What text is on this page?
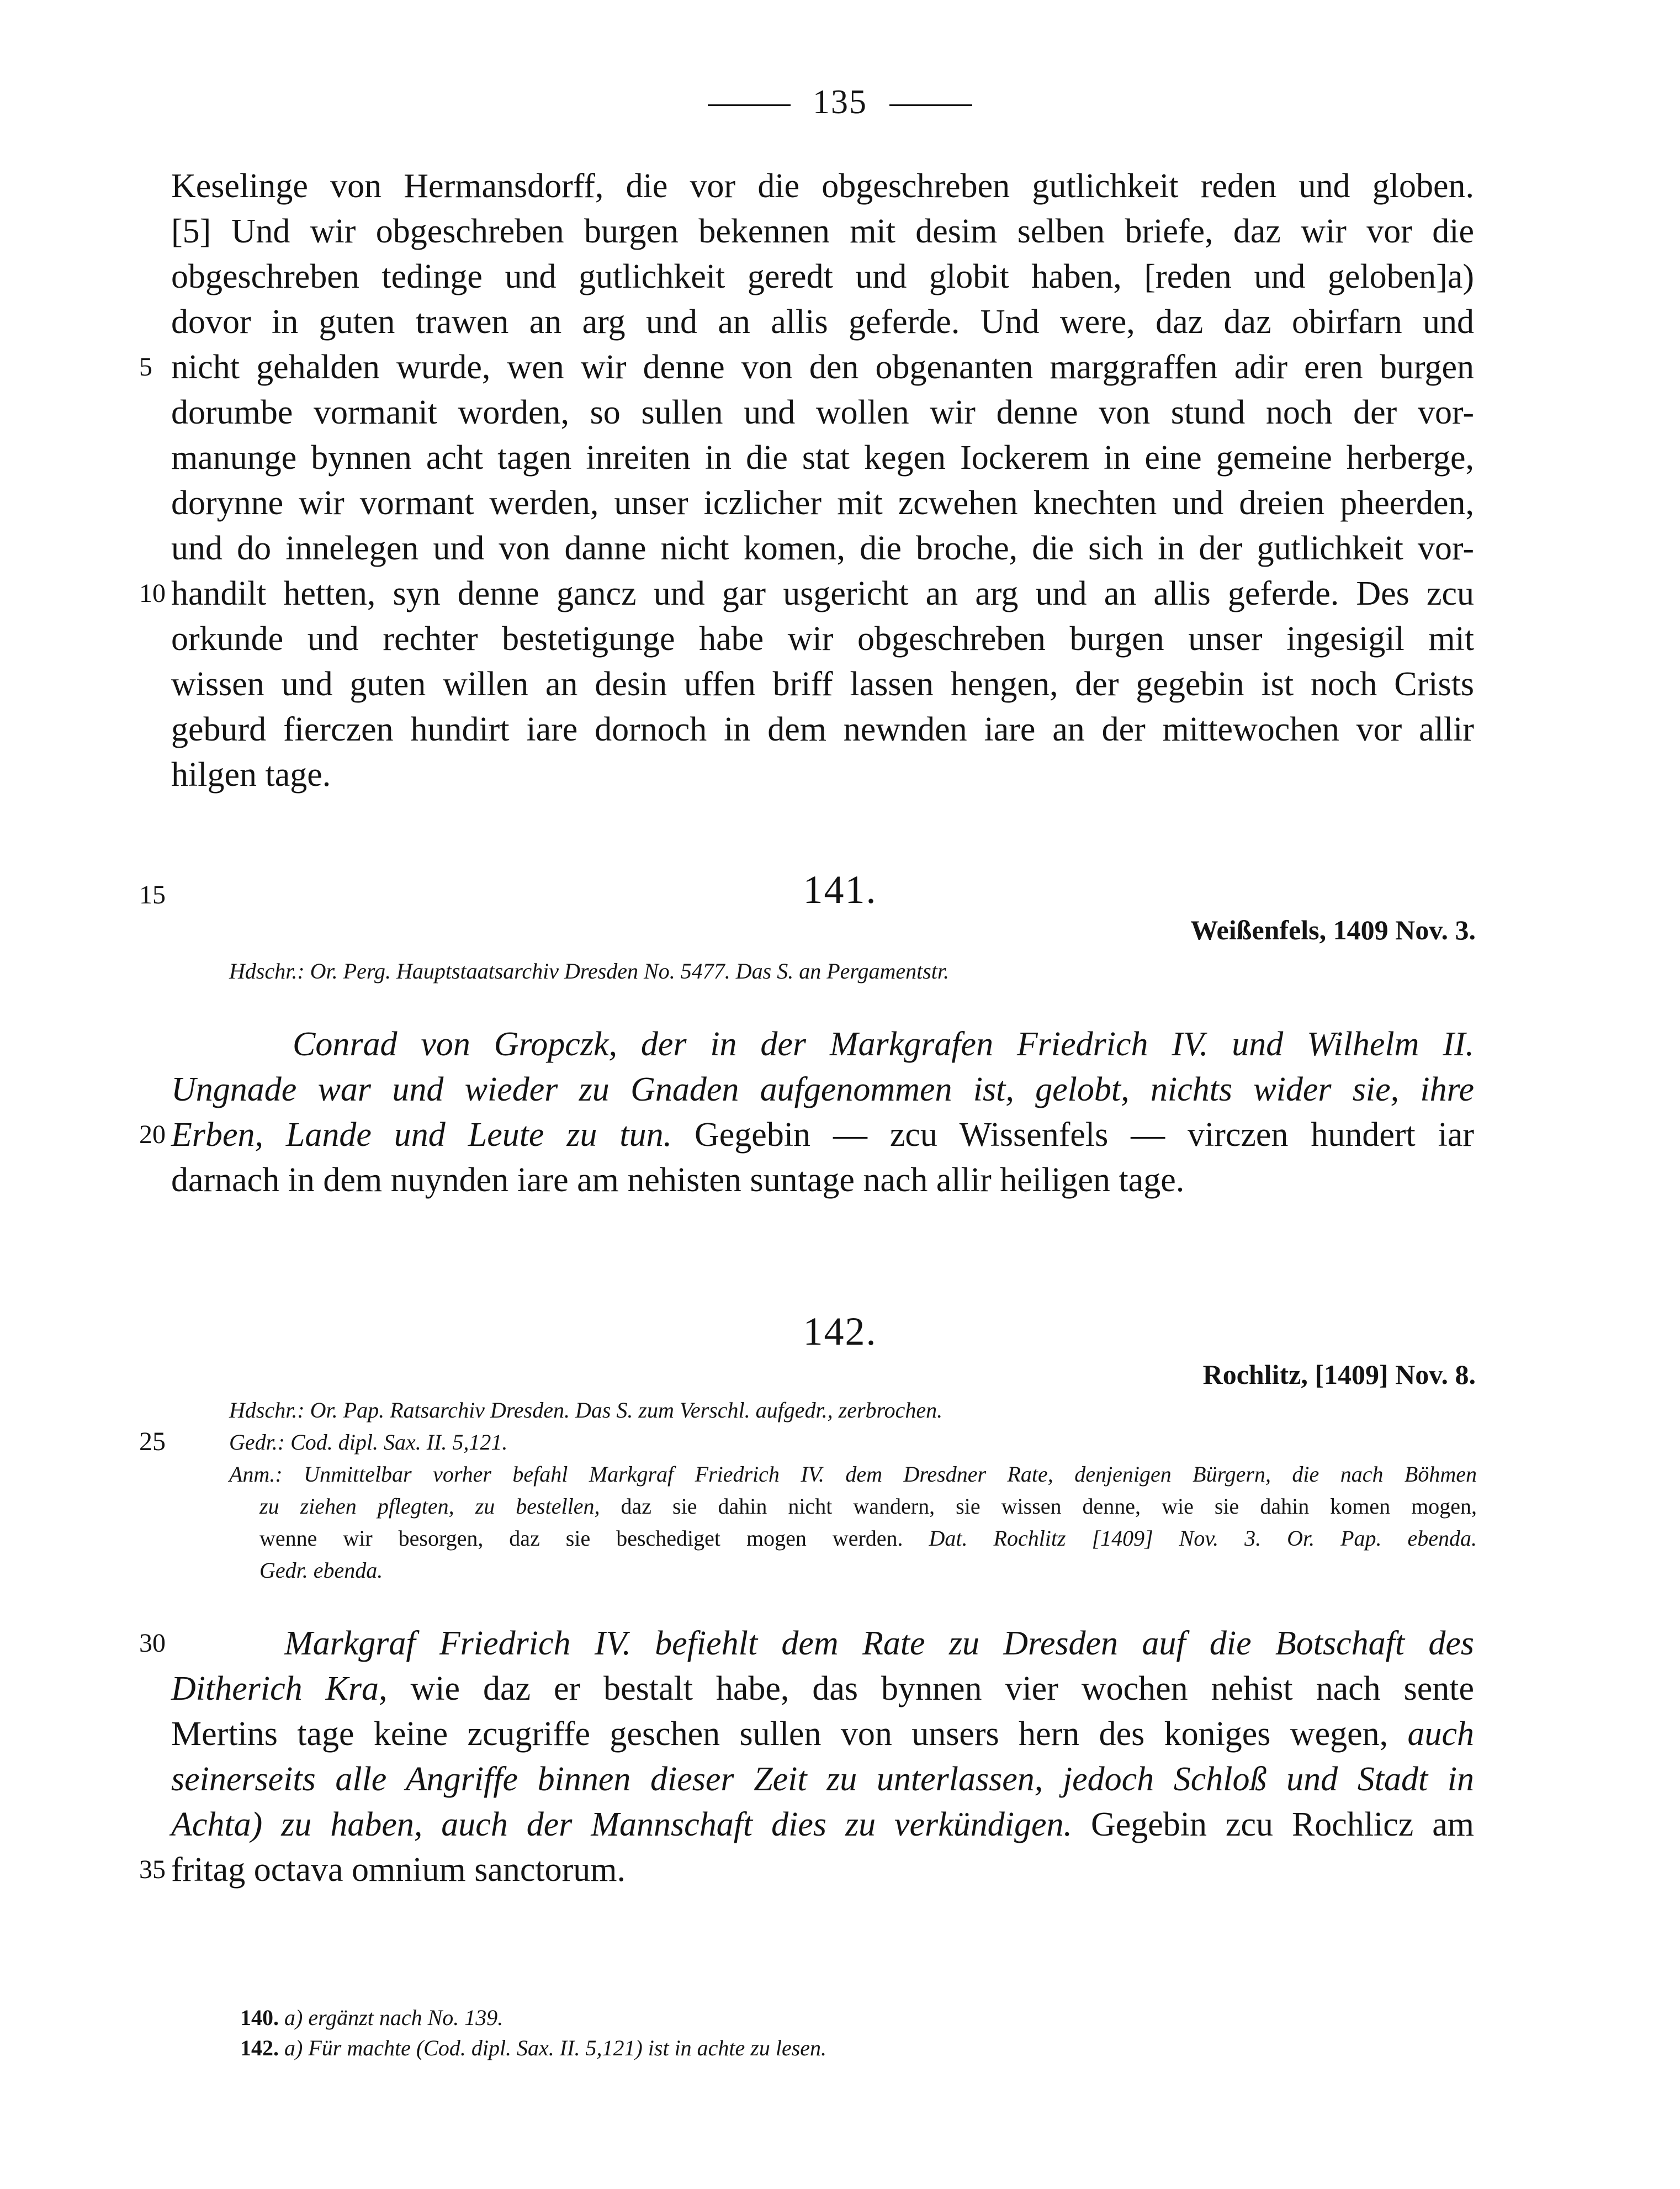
135
Keselinge von Hermansdorff, die vor die obgeschreben gutlichkeit reden und globen.
[5] Und wir obgeschreben burgen bekennen mit desim selben briefe, daz wir vor die
obgeschreben tedinge und gutlichkeit geredt und globit haben, [reden und geloben]a)
dovor in guten trawen an arg und an allis geferde. Und were, daz daz obirfarn und
nicht gehalden wurde, wen wir denne von den obgenanten marggraffen adir eren burgen
dorumbe vormanit worden, so sullen und wollen wir denne von stund noch der vor-
manunge bynnen acht tagen inreiten in die stat kegen Iockerem in eine gemeine herberge,
dorynne wir vormant werden, unser iczlicher mit zcwehen knechten und dreien pheerden,
und do innelegen und von danne nicht komen, die broche, die sich in der gutlichkeit vor-
handilt hetten, syn denne gancz und gar usgericht an arg und an allis geferde. Des zcu
orkunde und rechter bestetigunge habe wir obgeschreben burgen unser ingesigil mit
wissen und guten willen an desin uffen briff lassen hengen, der gegebin ist noch Crists
geburd fierczen hundirt iare dornoch in dem newnden iare an der mittewochen vor allir
hilgen tage.
15	141.
Weißenfels, 1409 Nov. 3.
Hdschr.: Or. Perg. Hauptstaatsarchiv Dresden No. 5477. Das S. an Pergamentstr.
Conrad von Gropczk, der in der Markgrafen Friedrich IV. und Wilhelm II.
Ungnade war und wieder zu Gnaden aufgenommen ist, gelobt, nichts wider sie, ihre
Erben, Lande und Leute zu tun. Gegebin — zcu Wissenfels — virczen hundert iar
darnach in dem nuynden iare am nehisten suntage nach allir heiligen tage.
20
142.
Rochlitz, [1409] Nov. 8.
Hdschr.: Or. Pap. Ratsarchiv Dresden. Das S. zum Verschl. aufgedr., zerbrochen.
Gedr.: Cod. dipl. Sax. II. 5,121.
Anm.: Unmittelbar vorher befahl Markgraf Friedrich IV. dem Dresdner Rate, denjenigen Bürgern, die nach Böhmen
zu ziehen pflegten, zu bestellen, daz sie dahin nicht wandern, sie wissen denne, wie sie dahin komen mogen,
wenne wir besorgen, daz sie beschediget mogen werden. Dat. Rochlitz [1409] Nov. 3. Or. Pap. ebenda.
Gedr. ebenda.
25
Markgraf Friedrich IV. befiehlt dem Rate zu Dresden auf die Botschaft des
Ditherich Kra, wie daz er bestalt habe, das bynnen vier wochen nehist nach sente
Mertins tage keine zcugriffe geschen sullen von unsers hern des koniges wegen, auch
seinerseits alle Angriffe binnen dieser Zeit zu unterlassen, jedoch Schloß und Stadt in
Achta) zu haben, auch der Mannschaft dies zu verkündigen. Gegebin zcu Rochlicz am
fritag octava omnium sanctorum.
30
35
140. a) ergänzt nach No. 139.
142. a) Für machte (Cod. dipl. Sax. II. 5,121) ist in achte zu lesen.
5
10
